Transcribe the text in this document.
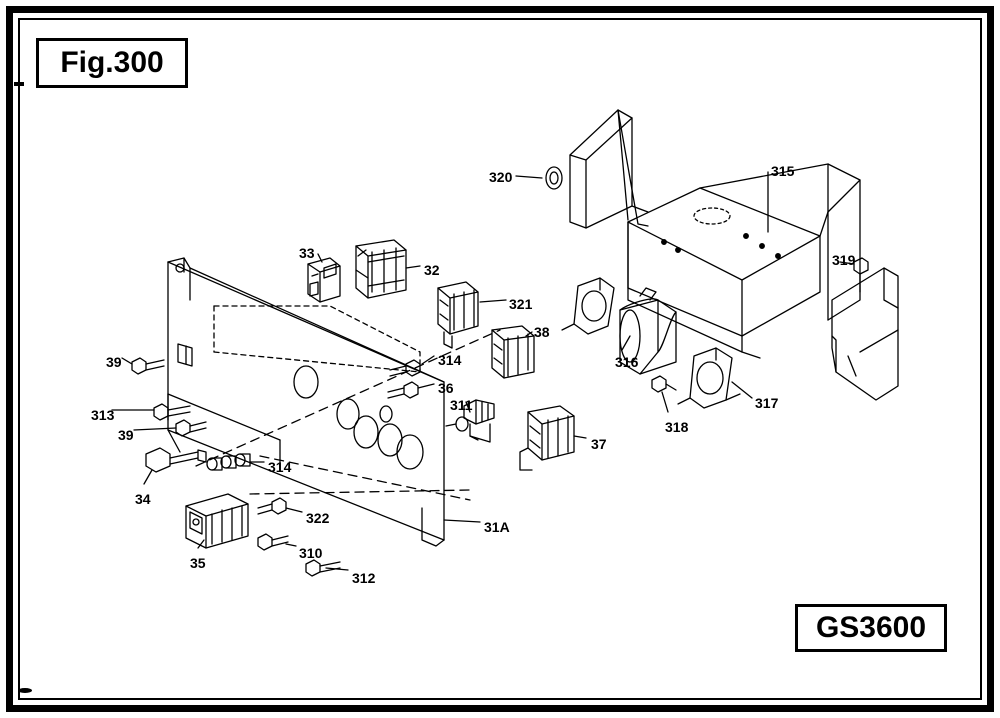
Fig.300
GS3600
320	315
319
33
32
321
38
316
314
39
36
317
311
313
318
39
37
314
34
322
31A
35
310
312
